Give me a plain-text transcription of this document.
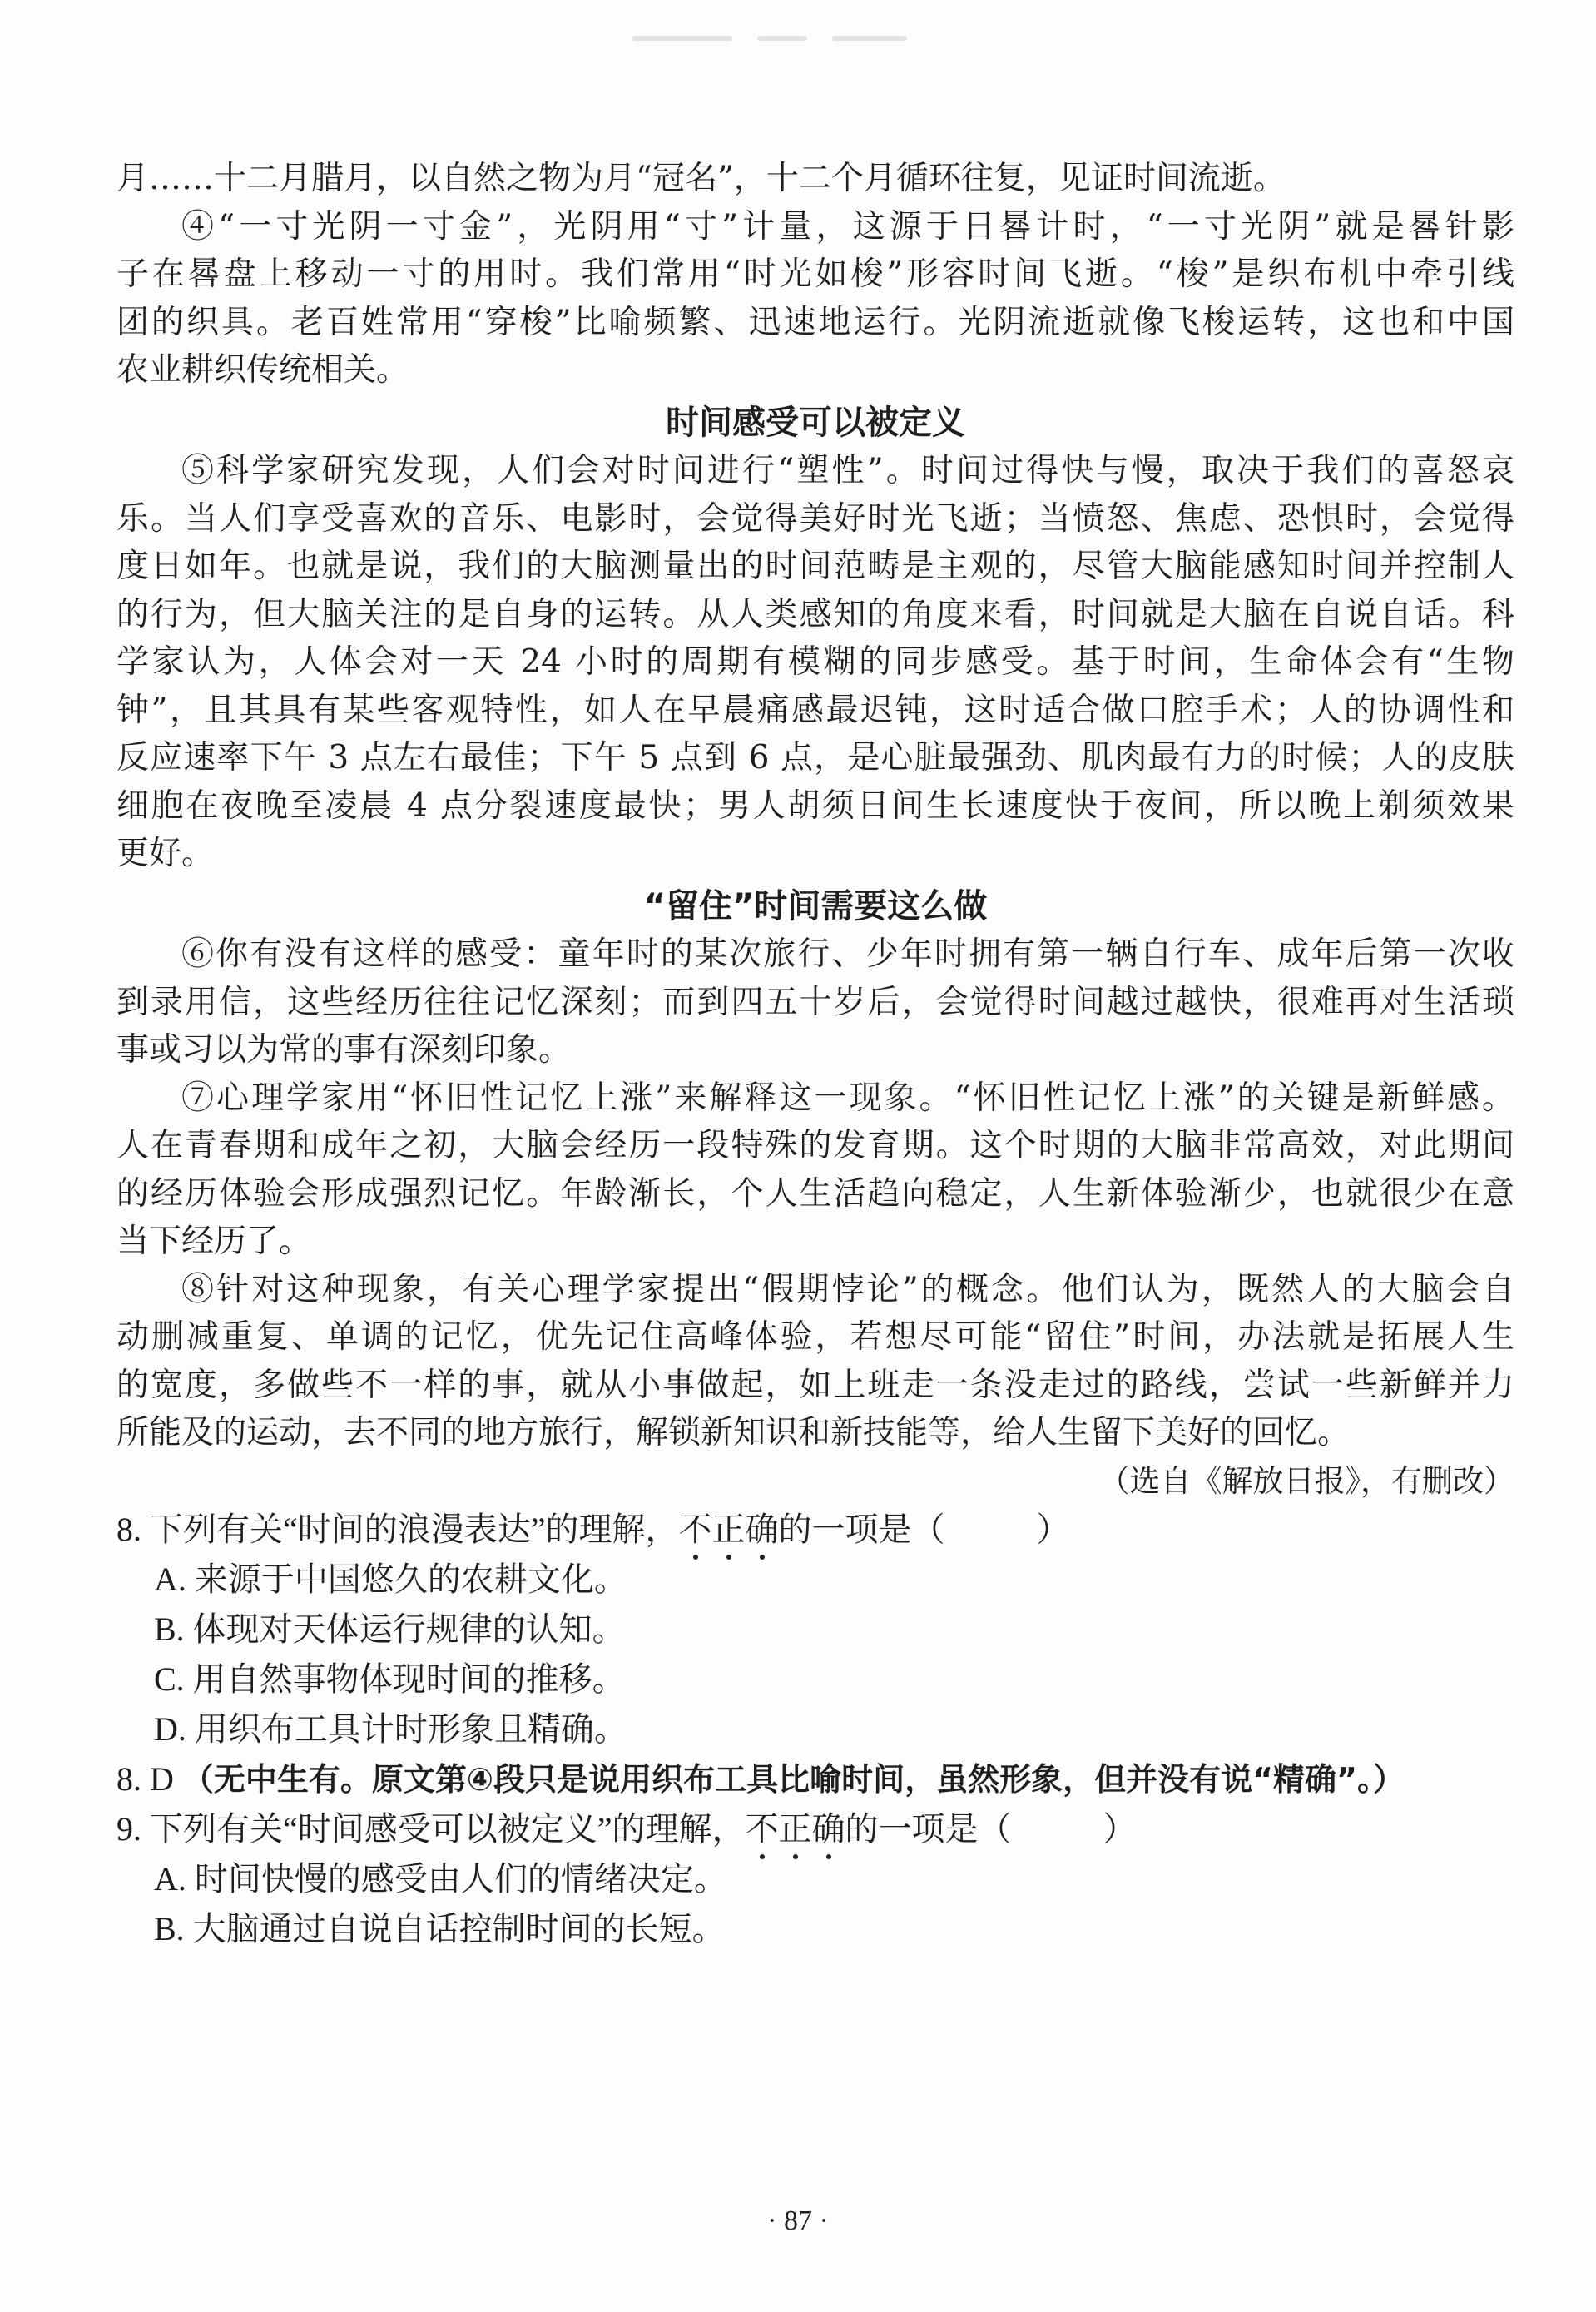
月……十二月腊月，以自然之物为月“冠名”，十二个月循环往复，见证时间流逝。

④“一寸光阴一寸金”，光阴用“寸”计量，这源于日晷计时，“一寸光阴”就是晷针影

子在晷盘上移动一寸的用时。我们常用“时光如梭”形容时间飞逝。“梭”是织布机中牵引线

团的织具。老百姓常用“穿梭”比喻频繁、迅速地运行。光阴流逝就像飞梭运转，这也和中国

农业耕织传统相关。

时间感受可以被定义

⑤科学家研究发现，人们会对时间进行“塑性”。时间过得快与慢，取决于我们的喜怒哀

乐。当人们享受喜欢的音乐、电影时，会觉得美好时光飞逝；当愤怒、焦虑、恐惧时，会觉得

度日如年。也就是说，我们的大脑测量出的时间范畴是主观的，尽管大脑能感知时间并控制人

的行为，但大脑关注的是自身的运转。从人类感知的角度来看，时间就是大脑在自说自话。科

学家认为，人体会对一天 24 小时的周期有模糊的同步感受。基于时间，生命体会有“生物

钟”，且其具有某些客观特性，如人在早晨痛感最迟钝，这时适合做口腔手术；人的协调性和

反应速率下午 3 点左右最佳；下午 5 点到 6 点，是心脏最强劲、肌肉最有力的时候；人的皮肤

细胞在夜晚至凌晨 4 点分裂速度最快；男人胡须日间生长速度快于夜间，所以晚上剃须效果

更好。

“留住”时间需要这么做

⑥你有没有这样的感受：童年时的某次旅行、少年时拥有第一辆自行车、成年后第一次收

到录用信，这些经历往往记忆深刻；而到四五十岁后，会觉得时间越过越快，很难再对生活琐

事或习以为常的事有深刻印象。

⑦心理学家用“怀旧性记忆上涨”来解释这一现象。“怀旧性记忆上涨”的关键是新鲜感。

人在青春期和成年之初，大脑会经历一段特殊的发育期。这个时期的大脑非常高效，对此期间

的经历体验会形成强烈记忆。年龄渐长，个人生活趋向稳定，人生新体验渐少，也就很少在意

当下经历了。

⑧针对这种现象，有关心理学家提出“假期悖论”的概念。他们认为，既然人的大脑会自

动删减重复、单调的记忆，优先记住高峰体验，若想尽可能“留住”时间，办法就是拓展人生

的宽度，多做些不一样的事，就从小事做起，如上班走一条没走过的路线，尝试一些新鲜并力

所能及的运动，去不同的地方旅行，解锁新知识和新技能等，给人生留下美好的回忆。

（选自《解放日报》，有删改）

8. 下列有关“时间的浪漫表达”的理解，不正确
的一项是（	）

A. 来源于中国悠久的农耕文化。

B. 体现对天体运行规律的认知。

C. 用自然事物体现时间的推移。

D. 用织布工具计时形象且精确。

8. D （无中生有。原文第④段只是说用织布工具比喻时间，虽然形象，但并没有说“精确”。）

9. 下列有关“时间感受可以被定义”的理解，不正确
的一项是（	）

A. 时间快慢的感受由人们的情绪决定。

B. 大脑通过自说自话控制时间的长短。

· 87 ·
